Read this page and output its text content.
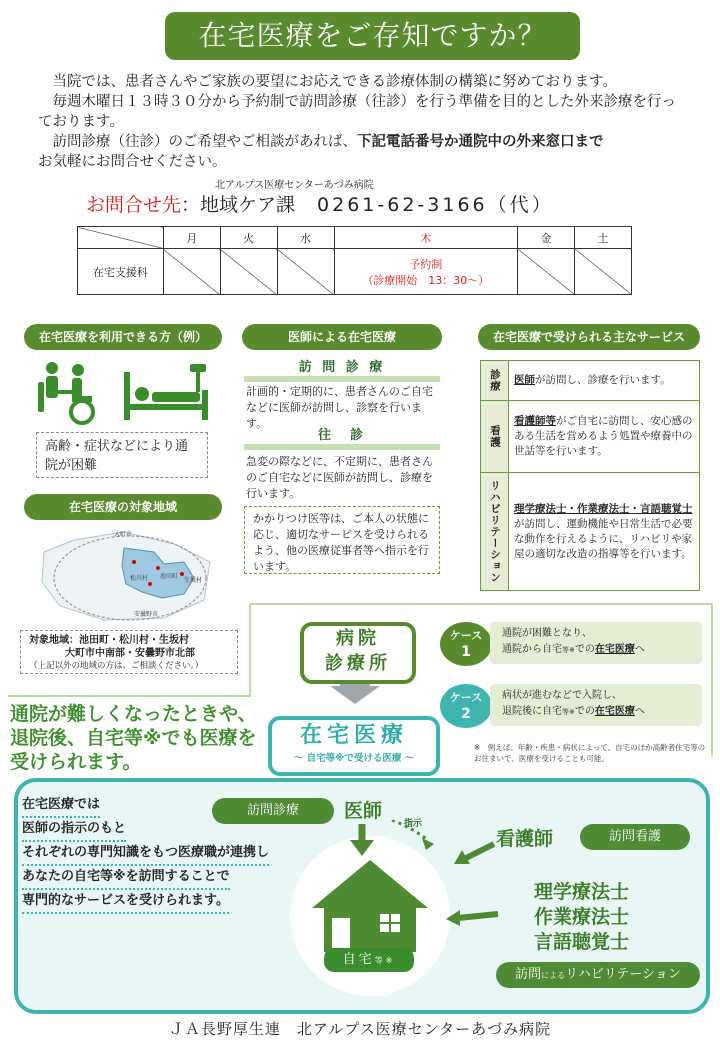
在宅医療をご存知ですか？

当院では、患者さんやご家族の要望にお応えできる診療体制の構築に努めております。

毎週木曜日１３時３０分から予約制で訪問診療（往診）を行う準備を目的とした外来診療を行っております。

訪問診療（往診）のご希望やご相談があれば、下記電話番号か通院中の外来窓口まで

お気軽にお問合せください。

北アルプス医療センターあづみ病院
お問合せ先：地域ケア課 0261-62-3166（代）
	月	火	水	木	金	土
在宅支援科				予約制
（診療開始　13：30～）		

在宅医療を利用できる方（例）
高齢・症状などにより通院が困難
在宅医療の対象地域
大町市
松川村 池田町
生坂村
安曇野市
対象地域：池田町・松川村・生坂村
大町市中南部・安曇野市北部
（上記以外の地域の方は、ご相談ください。）
医師による在宅医療
訪 問 診 療
計画的・定期的に、患者さんのご自宅などに医師が訪問し、診察を行います。
往　診
急変の際などに、不定期に、患者さんのご自宅などに医師が訪問し、診療を行います。
かかりつけ医等は、ご本人の状態に応じ、適切なサービスを受けられるよう、他の医療従事者等へ指示を行います。
在宅医療で受けられる主なサービス
診療	医師が訪問し、診療を行います。
看護	看護師等がご自宅に訪問し、安心感のある生活を営めるよう処置や療養中の世話等を行います。
リハビリテーション	理学療法士・作業療法士・言語聴覚士が訪問し、運動機能や日常生活で必要な動作を行えるように、リハビリや家屋の適切な改造の指導等を行います。
病院
診療所
ケース
1
通院が困難となり、
通院から自宅等※での在宅医療へ
ケース
2
病状が進むなどで入院し、
退院後に自宅等※での在宅医療へ
通院が難しくなったときや、
退院後、自宅等※でも医療を
受けられます。
在宅医療
～ 自宅等※で受ける医療 ～
※　例えば、年齢・疾患・病状によって、自宅のほか高齢者住宅等のお住まいで、医療を受けることも可能。
在宅医療では
医師の指示のもと
それぞれの専門知識をもつ医療職が連携し
あなたの自宅等※を訪問することで
専門的なサービスを受けられます。
訪問診療	医師
指示
看護師	訪問看護
自宅等※
理学療法士
作業療法士
言語聴覚士
訪問によるリハビリテーション
ＪＡ長野厚生連　北アルプス医療センターあづみ病院
